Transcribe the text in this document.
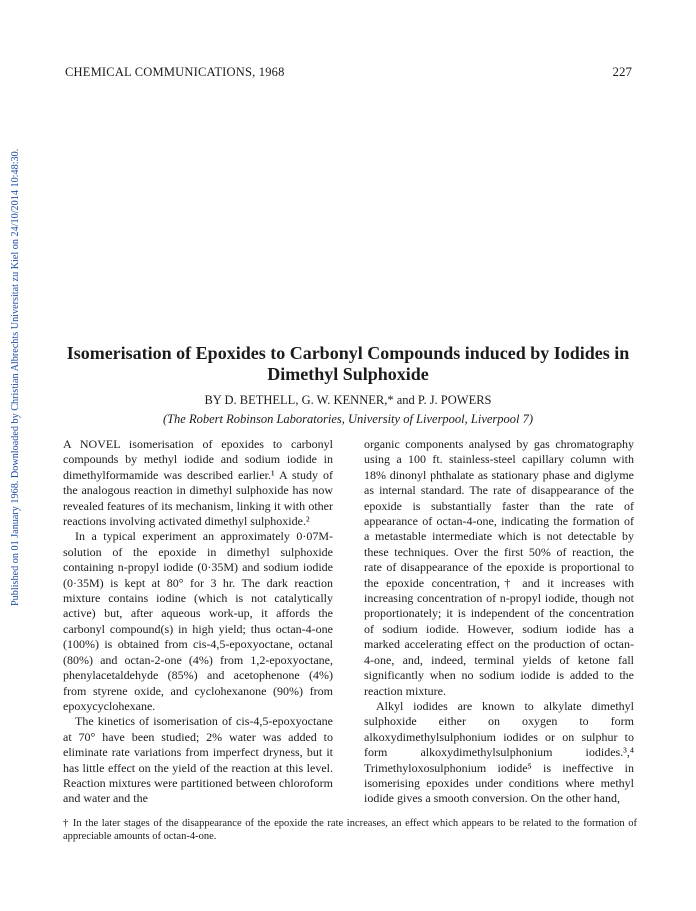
Published on 01 January 1968. Downloaded by Christian Albrechts Universitat zu Kiel on 24/10/2014 10:48:30.
CHEMICAL COMMUNICATIONS, 1968	227
Isomerisation of Epoxides to Carbonyl Compounds induced by Iodides in Dimethyl Sulphoxide
BY D. BETHELL, G. W. KENNER,* and P. J. POWERS
(The Robert Robinson Laboratories, University of Liverpool, Liverpool 7)

A NOVEL isomerisation of epoxides to carbonyl compounds by methyl iodide and sodium iodide in dimethylformamide was described earlier.¹ A study of the analogous reaction in dimethyl sulphoxide has now revealed features of its mechanism, linking it with other reactions involving activated dimethyl sulphoxide.²

In a typical experiment an approximately 0·07M-solution of the epoxide in dimethyl sulphoxide containing n-propyl iodide (0·35M) and sodium iodide (0·35M) is kept at 80° for 3 hr. The dark reaction mixture contains iodine (which is not catalytically active) but, after aqueous work-up, it affords the carbonyl compound(s) in high yield; thus octan-4-one (100%) is obtained from cis-4,5-epoxyoctane, octanal (80%) and octan-2-one (4%) from 1,2-epoxyoctane, phenylacetaldehyde (85%) and acetophenone (4%) from styrene oxide, and cyclohexanone (90%) from epoxycyclohexane.

The kinetics of isomerisation of cis-4,5-epoxyoctane at 70° have been studied; 2% water was added to eliminate rate variations from imperfect dryness, but it has little effect on the yield of the reaction at this level. Reaction mixtures were partitioned between chloroform and water and the

organic components analysed by gas chromatography using a 100 ft. stainless-steel capillary column with 18% dinonyl phthalate as stationary phase and diglyme as internal standard. The rate of disappearance of the epoxide is substantially faster than the rate of appearance of octan-4-one, indicating the formation of a metastable intermediate which is not detectable by these techniques. Over the first 50% of reaction, the rate of disappearance of the epoxide is proportional to the epoxide concentration,† and it increases with increasing concentration of n-propyl iodide, though not proportionately; it is independent of the concentration of sodium iodide. However, sodium iodide has a marked accelerating effect on the production of octan-4-one, and, indeed, terminal yields of ketone fall significantly when no sodium iodide is added to the reaction mixture.

Alkyl iodides are known to alkylate dimethyl sulphoxide either on oxygen to form alkoxydimethylsulphonium iodides or on sulphur to form alkoxydimethylsulphonium iodides.³,⁴ Trimethyloxosulphonium iodide⁵ is ineffective in isomerising epoxides under conditions where methyl iodide gives a smooth conversion. On the other hand,

† In the later stages of the disappearance of the epoxide the rate increases, an effect which appears to be related to the formation of appreciable amounts of octan-4-one.
